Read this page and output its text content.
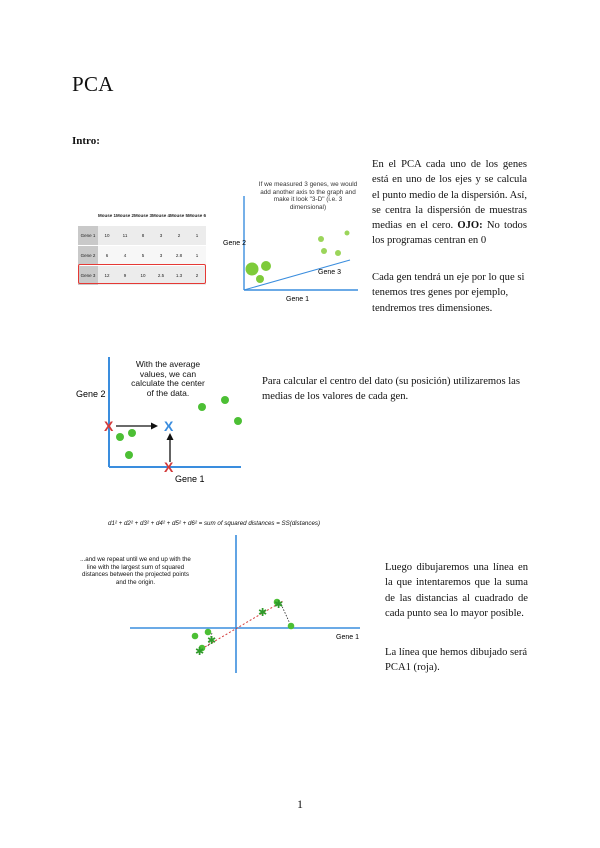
PCA
Intro:
	Mouse 1	Mouse 2	Mouse 3	Mouse 4	Mouse 5	Mouse 6
Gene 1	10	11	8	3	2	1
Gene 2	6	4	5	3	2.8	1
Gene 3	12	9	10	2.5	1.3	2
If we measured 3 genes, we would add another axis to the graph and make it look "3-D" (i.e. 3 dimensional)
Gene 2
Gene 1
Gene 3
En el PCA cada uno de los genes está en uno de los ejes y se calcula el punto medio de la dispersión. Así, se centra la dispersión de muestras medias en el cero. OJO: No todos los programas centran en 0
Cada gen tendrá un eje por lo que si tenemos tres genes por ejemplo, tendremos tres dimensiones.
With the average values, we can calculate the center of the data.
Gene 2
Gene 1
X
X
X
Para calcular el centro del dato (su posición) utilizaremos las medias de los valores de cada gen.
d1² + d2² + d3² + d4² + d5² + d6² = sum of squared distances = SS(distances)
...and we repeat until we end up with the line with the largest sum of squared distances between the projected points and the origin.
Gene 1
✱
✱
✱
✱
Luego dibujaremos una línea en la que intentaremos que la suma de las distancias al cuadrado de cada punto sea lo mayor posible.
La línea que hemos dibujado será PCA1 (roja).
1
